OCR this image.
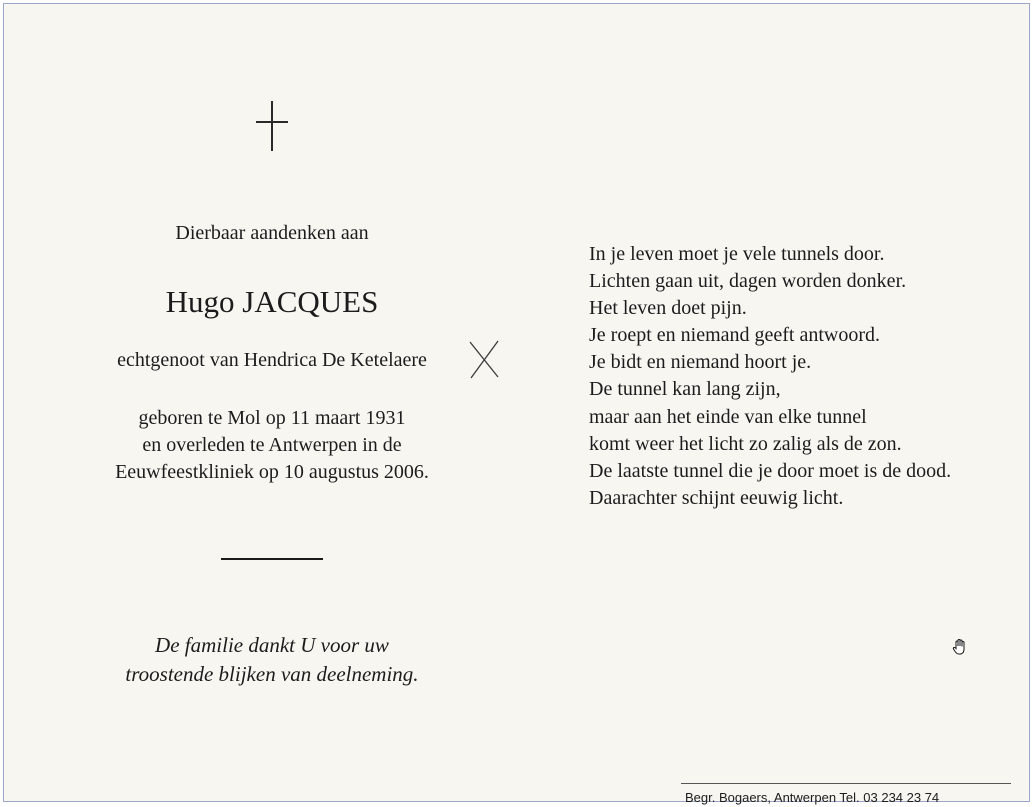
Dierbaar aandenken aan
Hugo JACQUES
echtgenoot van Hendrica De Ketelaere
geboren te Mol op 11 maart 1931
en overleden te Antwerpen in de
Eeuwfeestkliniek op 10 augustus 2006.
De familie dankt U voor uw
troostende blijken van deelneming.
In je leven moet je vele tunnels door.
Lichten gaan uit, dagen worden donker.
Het leven doet pijn.
Je roept en niemand geeft antwoord.
Je bidt en niemand hoort je.
De tunnel kan lang zijn,
maar aan het einde van elke tunnel
komt weer het licht zo zalig als de zon.
De laatste tunnel die je door moet is de dood.
Daarachter schijnt eeuwig licht.
Begr. Bogaers, Antwerpen Tel. 03 234 23 74
